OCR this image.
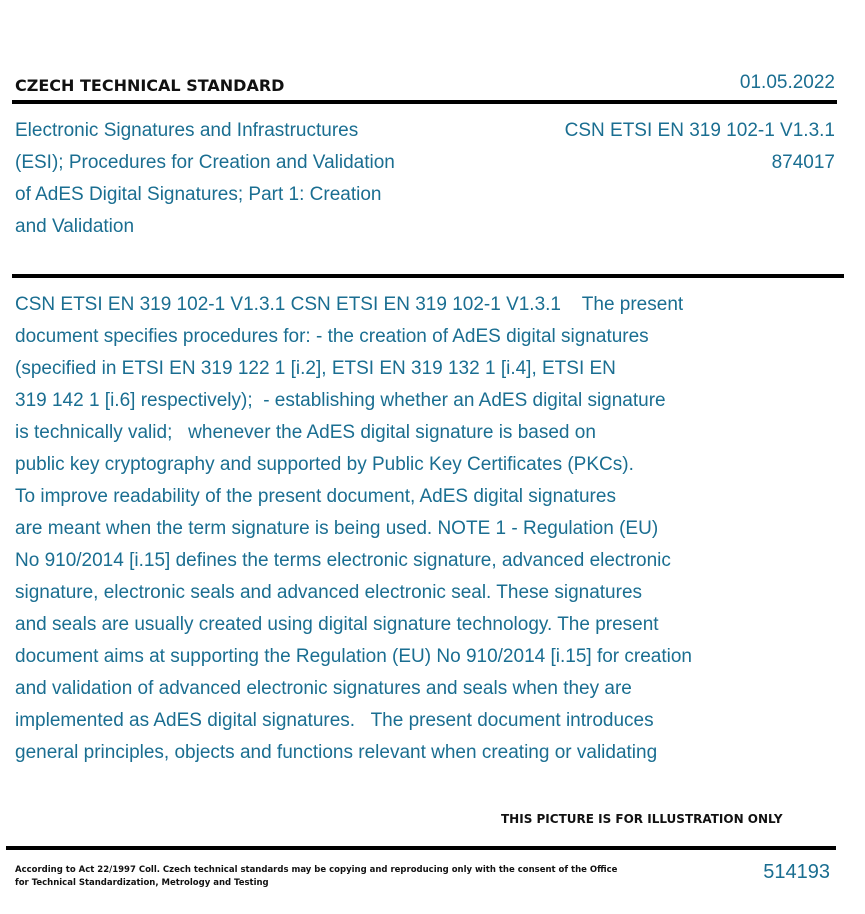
CZECH TECHNICAL STANDARD	01.05.2022
Electronic Signatures and Infrastructures
(ESI); Procedures for Creation and Validation
of AdES Digital Signatures; Part 1: Creation
and Validation
CSN ETSI EN 319 102-1 V1.3.1
874017
CSN ETSI EN 319 102-1 V1.3.1 CSN ETSI EN 319 102-1 V1.3.1    The present
document specifies procedures for: - the creation of AdES digital signatures
(specified in ETSI EN 319 122 1 [i.2], ETSI EN 319 132 1 [i.4], ETSI EN
319 142 1 [i.6] respectively);  - establishing whether an AdES digital signature
is technically valid;   whenever the AdES digital signature is based on
public key cryptography and supported by Public Key Certificates (PKCs).
To improve readability of the present document, AdES digital signatures
are meant when the term signature is being used. NOTE 1 - Regulation (EU)
No 910/2014 [i.15] defines the terms electronic signature, advanced electronic
signature, electronic seals and advanced electronic seal. These signatures
and seals are usually created using digital signature technology. The present
document aims at supporting the Regulation (EU) No 910/2014 [i.15] for creation
and validation of advanced electronic signatures and seals when they are
implemented as AdES digital signatures.   The present document introduces
general principles, objects and functions relevant when creating or validating
THIS PICTURE IS FOR ILLUSTRATION ONLY
According to Act 22/1997 Coll. Czech technical standards may be copying and reproducing only with the consent of the Office
for Technical Standardization, Metrology and Testing	514193
